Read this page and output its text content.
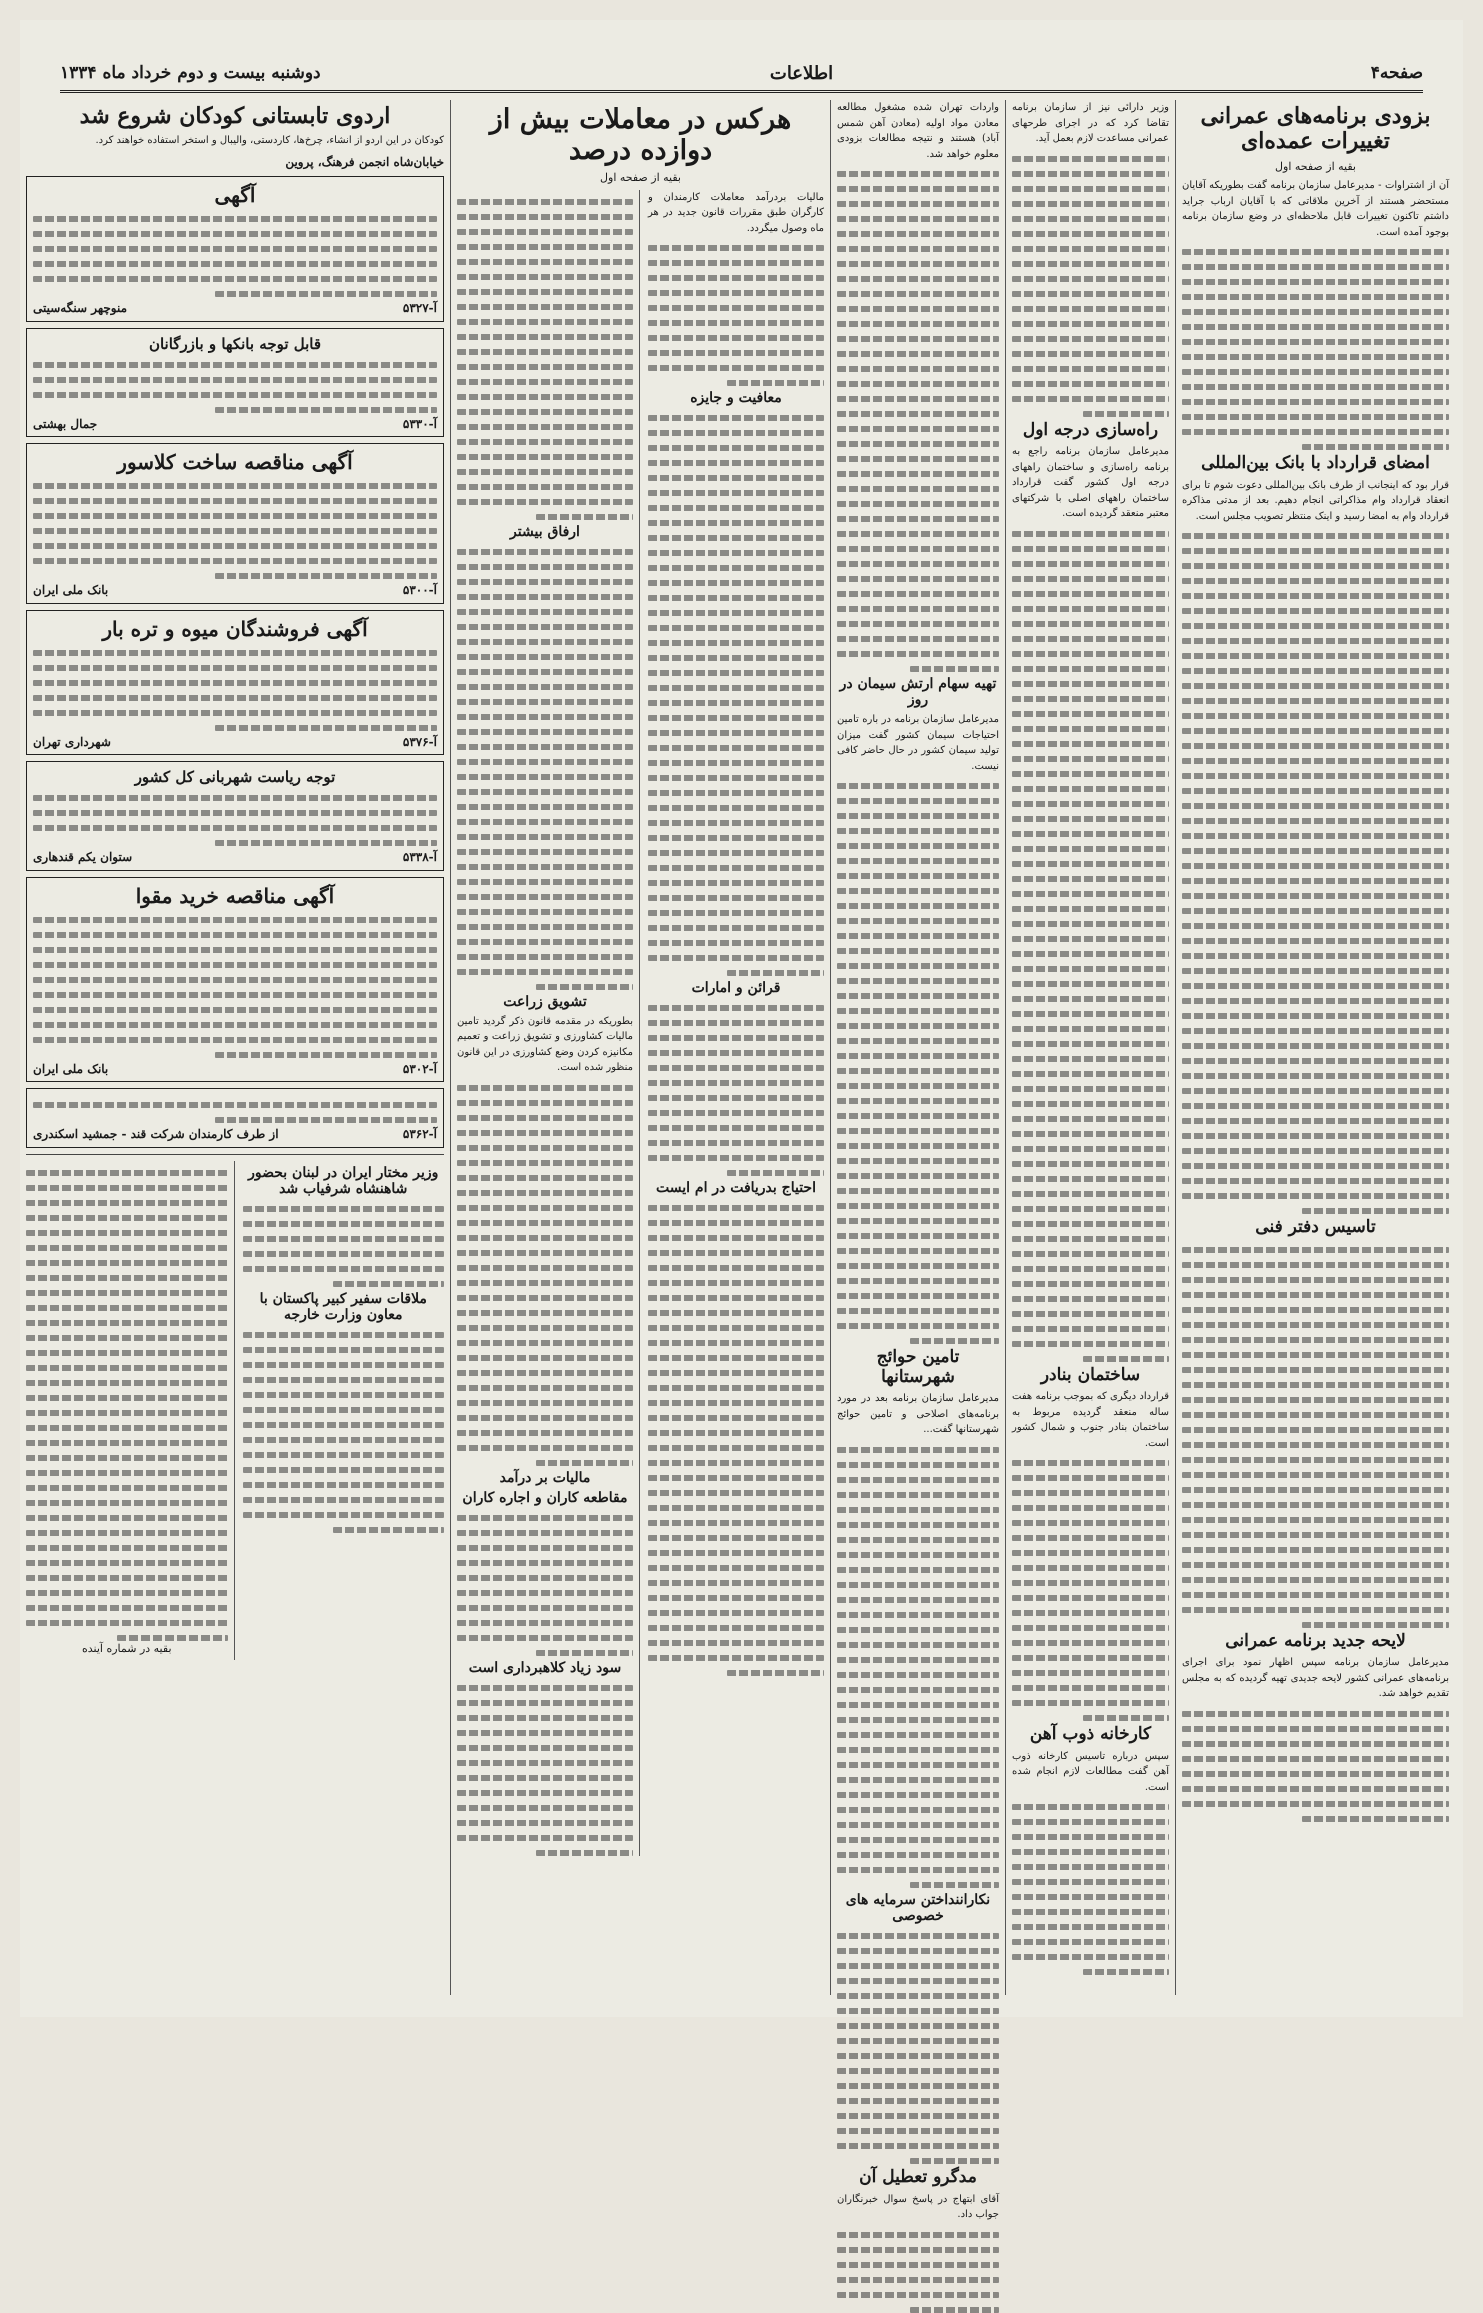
صفحه۴
اطلاعات
دوشنبه بیست و دوم خرداد ماه ۱۳۳۴
بزودی برنامه‌های عمرانی تغییرات عمده‌ای
بقیه از صفحه اول

آن از اشتراوات - مدیرعامل سازمان برنامه گفت بطوریکه آقایان مستحضر هستند از آخرین ملاقاتی که با آقایان ارباب جراید داشتم تاکنون تغییرات قابل ملاحظه‌ای در وضع سازمان برنامه بوجود آمده است.

امضای قرارداد با بانک بین‌المللی

قرار بود که اینجانب از طرف بانک بین‌المللی دعوت شوم تا برای انعقاد قرارداد وام مذاکراتی انجام دهیم. بعد از مدتی مذاکره قرارداد وام به امضا رسید و اینک منتظر تصویب مجلس است.

تاسیس دفتر فنی
لایحه جدید برنامه عمرانی

مدیرعامل سازمان برنامه سپس اظهار نمود برای اجرای برنامه‌های عمرانی کشور لایحه جدیدی تهیه گردیده که به مجلس تقدیم خواهد شد.

وزیر دارائی نیز از سازمان برنامه تقاضا کرد که در اجرای طرحهای عمرانی مساعدت لازم بعمل آید.

راه‌سازی درجه اول

مدیرعامل سازمان برنامه راجع به برنامه راه‌سازی و ساختمان راههای درجه اول کشور گفت قرارداد ساختمان راههای اصلی با شرکتهای معتبر منعقد گردیده است.

ساختمان بنادر

قرارداد دیگری که بموجب برنامه هفت ساله منعقد گردیده مربوط به ساختمان بنادر جنوب و شمال کشور است.

کارخانه ذوب آهن

سپس درباره تاسیس کارخانه ذوب آهن گفت مطالعات لازم انجام شده است.

واردات تهران شده مشغول مطالعه معادن مواد اولیه (معادن آهن شمس آباد) هستند و نتیجه مطالعات بزودی معلوم خواهد شد.

تهیه سهام ارتش سیمان در روز

مدیرعامل سازمان برنامه در باره تامین احتیاجات سیمان کشور گفت میزان تولید سیمان کشور در حال حاضر کافی نیست.

تامین حوائج شهرستانها

مدیرعامل سازمان برنامه بعد در مورد برنامه‌های اصلاحی و تامین حوائج شهرستانها گفت...

نکاراننداختن سرمایه های خصوصی
مدگرو تعطیل آن

آقای ابتهاج در پاسخ سوال خبرنگاران جواب داد.

هرکس در معاملات بیش از دوازده درصد
بقیه از صفحه اول

مالیات بردرآمد معاملات کارمندان و کارگران طبق مقررات قانون جدید در هر ماه وصول میگردد.

معافیت و جایزه
قرائن و امارات
احتیاج بدریافت در ام ایست
ارفاق بیشتر
تشویق زراعت

بطوریکه در مقدمه قانون ذکر گردید تامین مالیات کشاورزی و تشویق زراعت و تعمیم مکانیزه کردن وضع کشاورزی در این قانون منظور شده است.

مالیات بر درآمد
مقاطعه کاران و اجاره کاران
سود زیاد کلاهبرداری است
اردوی تابستانی کودکان شروع شد

کودکان در این اردو از انشاء، چرخ‌ها، کاردستی، والیبال و استخر استفاده خواهند کرد.

خیابان‌شاه انجمن فرهنگ، پروین
آگهی
آ-۵۳۲۷
منوچهر سنگه‌سیتی
قابل توجه بانکها و بازرگانان
آ-۵۳۳۰
جمال بهشتی
آگهی مناقصه ساخت کلاسور
آ-۵۳۰۰
بانک ملی ایران
آگهی فروشندگان میوه و تره بار
آ-۵۳۷۶
شهرداری تهران
توجه ریاست شهربانی کل کشور
آ-۵۳۳۸
ستوان یکم قندهاری
آگهی مناقصه خرید مقوا
آ-۵۳۰۲
بانک ملی ایران
آ-۵۳۶۲
از طرف کارمندان شرکت قند - جمشید اسکندری
وزیر مختار ایران در لبنان بحضور شاهنشاه شرفیاب شد
ملاقات سفیر کبیر پاکستان با معاون وزارت خارجه
بقیه در شماره آینده
